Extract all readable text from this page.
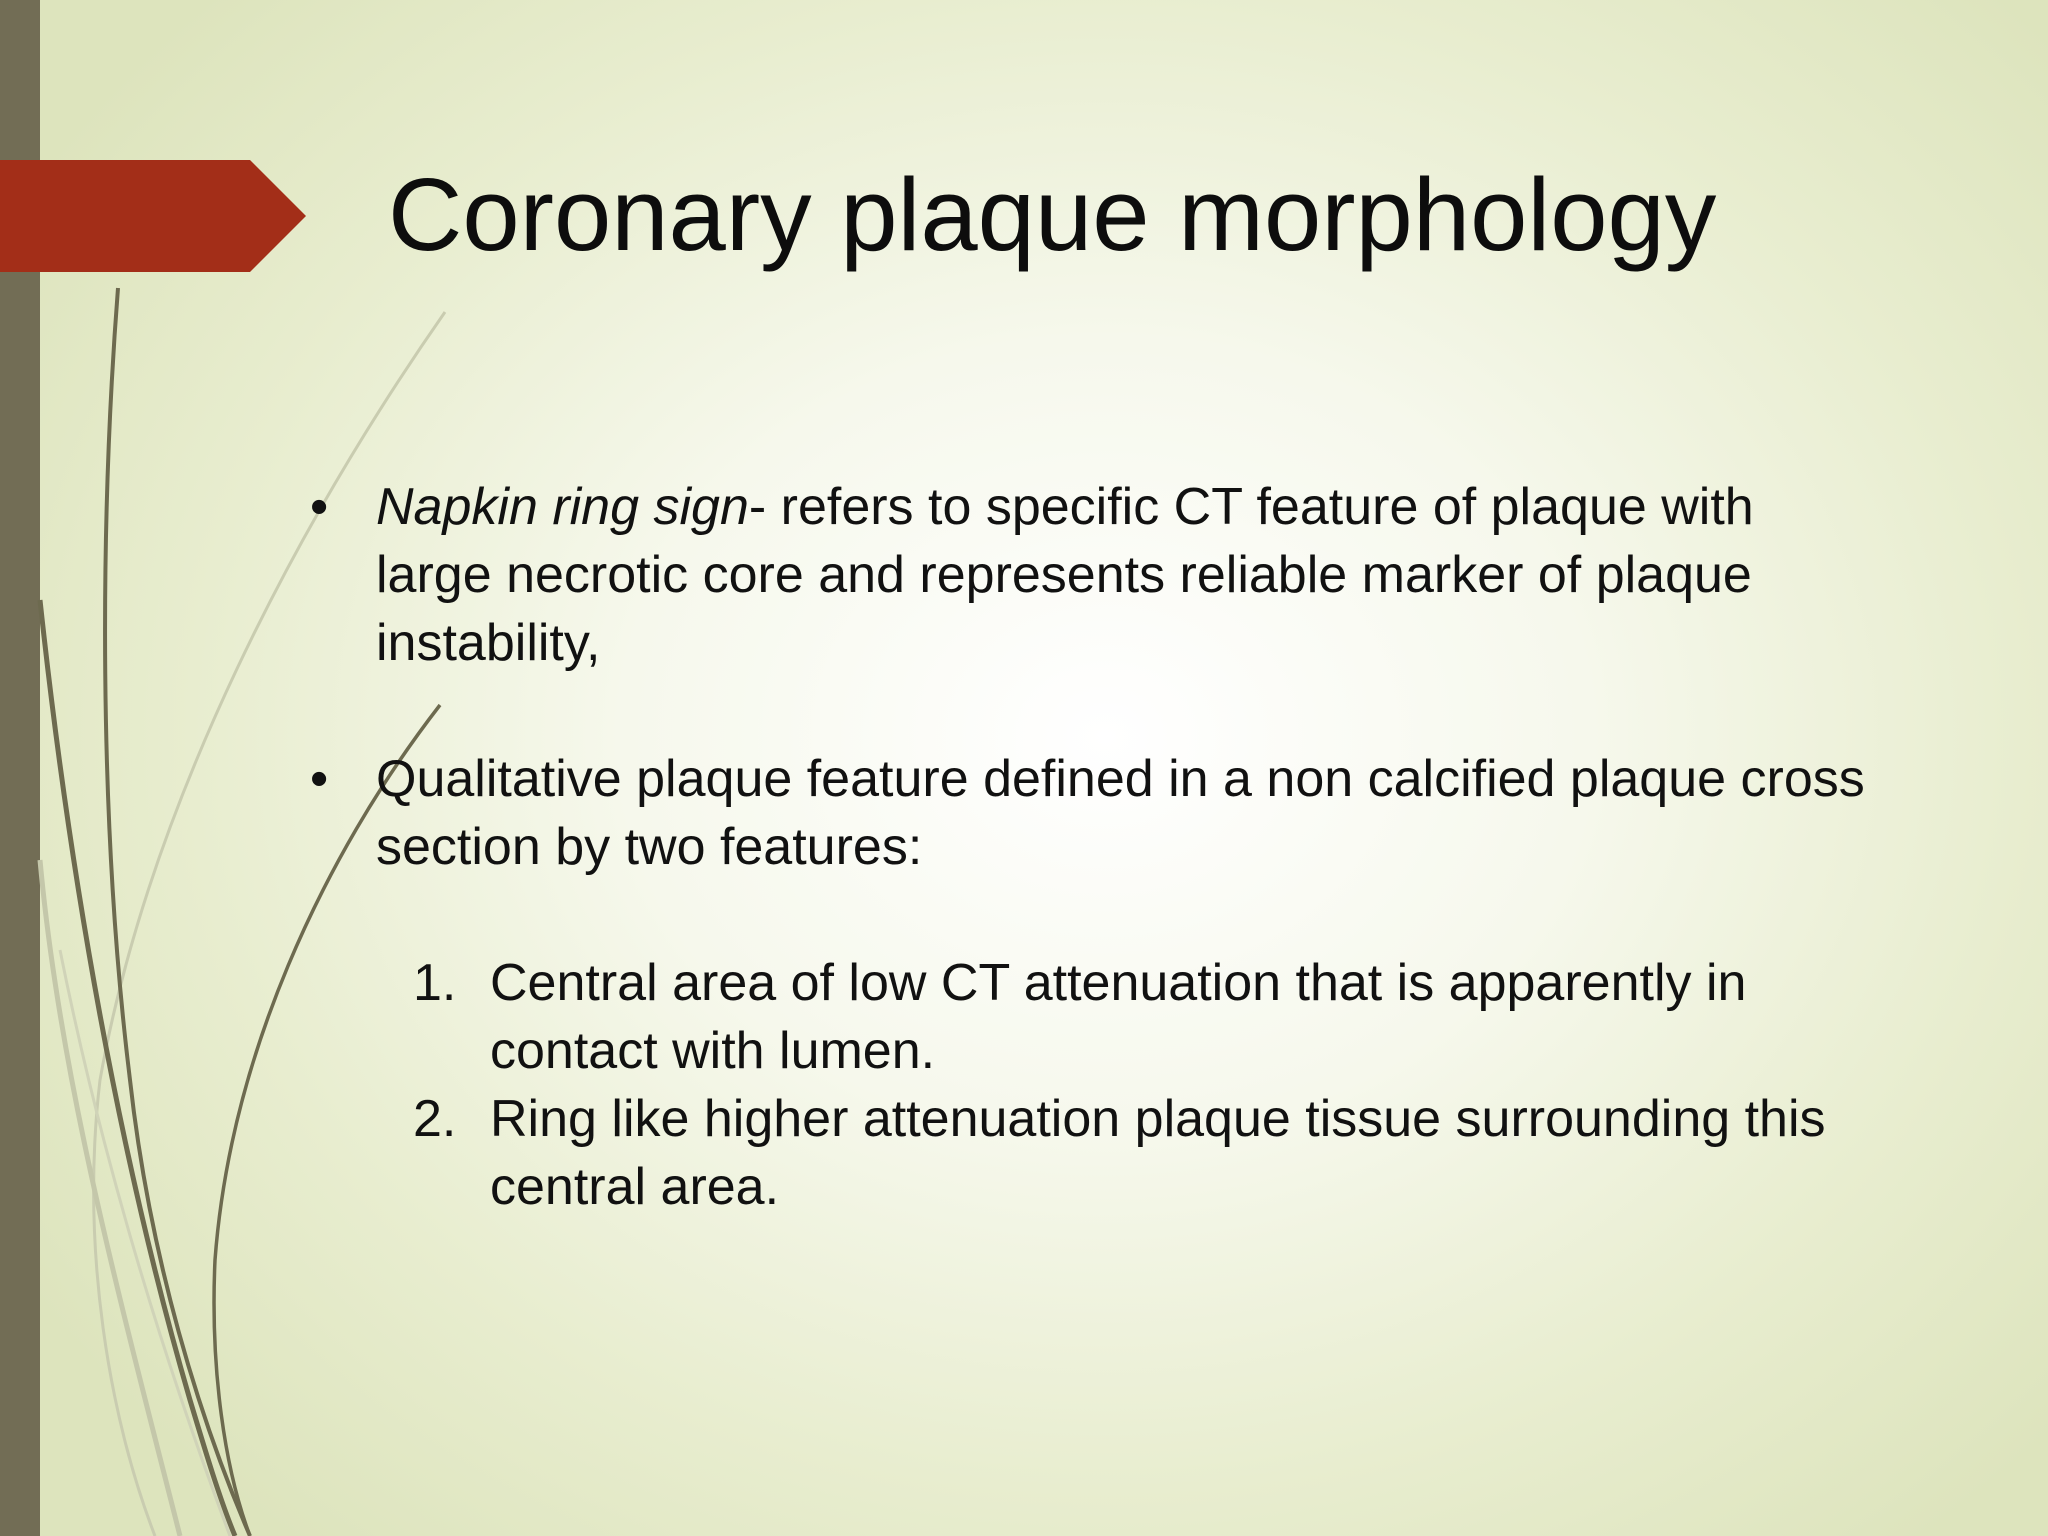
Coronary plaque morphology
• Napkin ring sign- refers to specific CT feature of plaque with large necrotic core and represents reliable marker of plaque instability,
• Qualitative plaque feature defined in a non calcified plaque cross section by two features:
1. Central area of low CT attenuation that is apparently in contact with lumen.
2. Ring like higher attenuation plaque tissue surrounding this central area.
